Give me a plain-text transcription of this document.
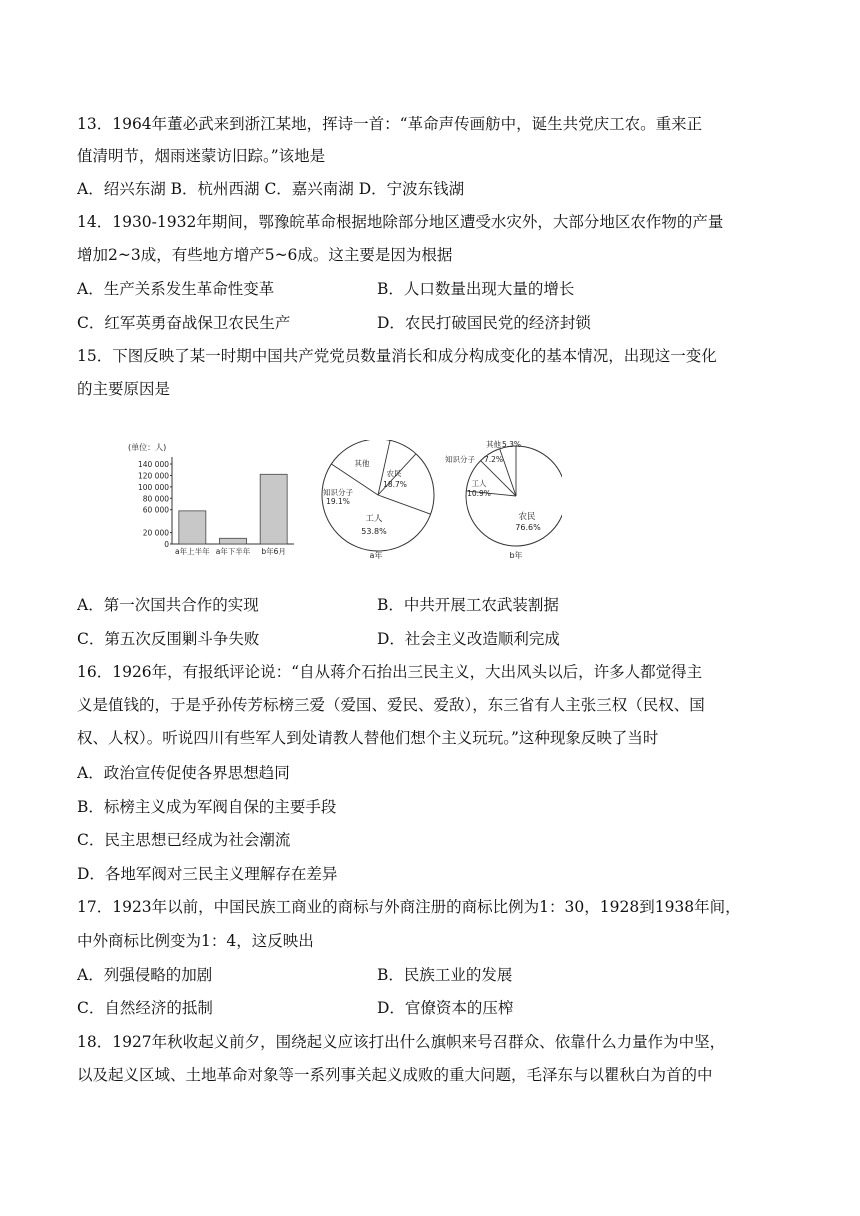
13．1964年董必武来到浙江某地，挥诗一首：“革命声传画舫中，诞生共党庆工农。重来正
值清明节，烟雨迷蒙访旧踪。”该地是
A．绍兴东湖 B．杭州西湖 C．嘉兴南湖 D．宁波东钱湖
14．1930-1932年期间，鄂豫皖革命根据地除部分地区遭受水灾外，大部分地区农作物的产量
增加2~3成，有些地方增产5~6成。这主要是因为根据
A．生产关系发生革命性变革	B．人口数量出现大量的增长
C．红军英勇奋战保卫农民生产	D．农民打破国民党的经济封锁
15．下图反映了某一时期中国共产党党员数量消长和成分构成变化的基本情况，出现这一变化
的主要原因是
(单位：人)
140 000
120 000
100 000
80 000
60 000
20 000
0
a年上半年 a年下半年 b年6月
工人
53.8%
知识分子
19.1%
其他
农民
18.7%
a年
农民
76.6%
工人
10.9%
知识分子 7.2%
其他 5.3%
b年
A．第一次国共合作的实现	B．中共开展工农武装割据
C．第五次反围剿斗争失败	D．社会主义改造顺利完成
16．1926年，有报纸评论说：“自从蒋介石抬出三民主义，大出风头以后，许多人都觉得主
义是值钱的，于是乎孙传芳标榜三爱（爱国、爱民、爱敌），东三省有人主张三权（民权、国
权、人权）。听说四川有些军人到处请教人替他们想个主义玩玩。”这种现象反映了当时
A．政治宣传促使各界思想趋同
B．标榜主义成为军阀自保的主要手段
C．民主思想已经成为社会潮流
D．各地军阀对三民主义理解存在差异
17．1923年以前，中国民族工商业的商标与外商注册的商标比例为1：30，1928到1938年间，
中外商标比例变为1：4，这反映出
A．列强侵略的加剧	B．民族工业的发展
C．自然经济的抵制	D．官僚资本的压榨
18．1927年秋收起义前夕，围绕起义应该打出什么旗帜来号召群众、依靠什么力量作为中坚，
以及起义区域、土地革命对象等一系列事关起义成败的重大问题，毛泽东与以瞿秋白为首的中
